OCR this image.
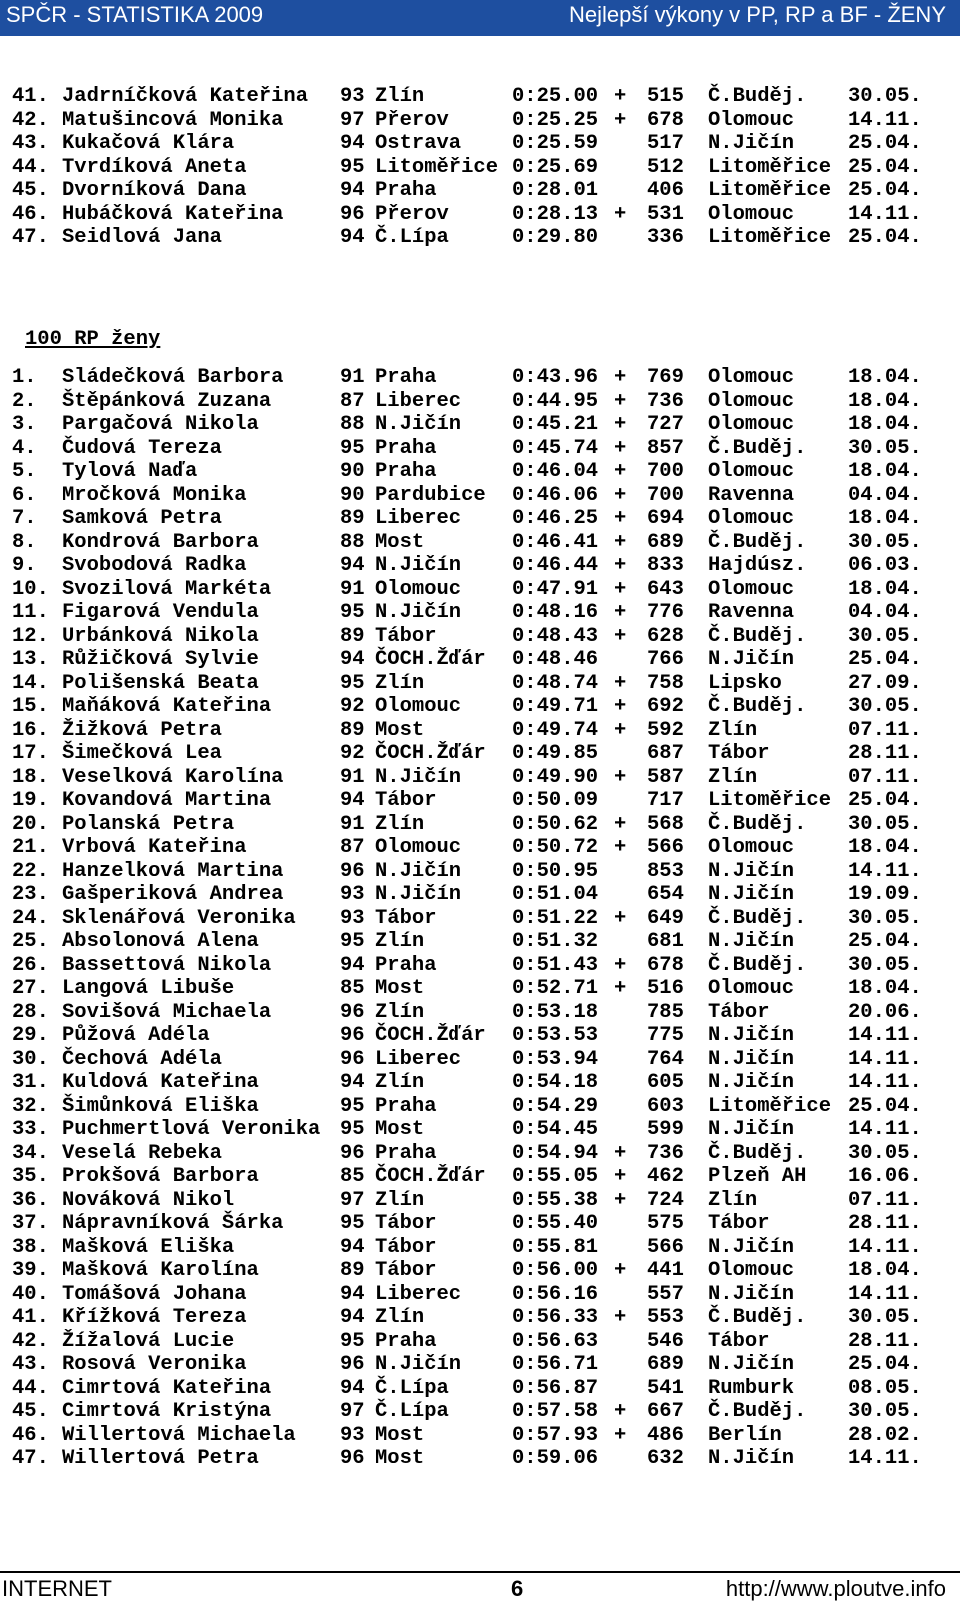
SPČR - STATISTIKA 2009	Nejlepší výkony v PP, RP a BF - ŽENY
41. Jadrníčková Kateřina 93 Zlín	0:25.00 + 515 Č.Buděj. 30.05.
42. Matušincová Monika	97 Přerov	0:25.25 + 678 Olomouc	14.11.
43. Kukačová Klára	94 Ostrava 0:25.59 517 N.Jičín	25.04.
44. Tvrdíková Aneta	95 Litoměřice 0:25.69 512 Litoměřice 25.04.
45. Dvorníková Dana	94 Praha	0:28.01 406 Litoměřice 25.04.
46. Hubáčková Kateřina	96 Přerov	0:28.13 + 531 Olomouc	14.11.
47. Seidlová Jana	94 Č.Lípa	0:29.80 336 Litoměřice 25.04.
100 RP ženy
1. Sládečková Barbora	91 Praha	0:43.96 + 769 Olomouc	18.04.
2. Štěpánková Zuzana	87 Liberec 0:44.95 + 736 Olomouc	18.04.
3. Pargačová Nikola	88 N.Jičín 0:45.21 + 727 Olomouc	18.04.
4. Čudová Tereza	95 Praha	0:45.74 + 857 Č.Buděj. 30.05.
5. Tylová Naďa	90 Praha	0:46.04 + 700 Olomouc	18.04.
6. Mročková Monika	90 Pardubice 0:46.06 + 700 Ravenna	04.04.
7. Samková Petra	89 Liberec 0:46.25 + 694 Olomouc	18.04.
8. Kondrová Barbora	88 Most	0:46.41 + 689 Č.Buděj. 30.05.
9. Svobodová Radka	94 N.Jičín 0:46.44 + 833 Hajdúsz. 06.03.
10. Svozilová Markéta	91 Olomouc 0:47.91 + 643 Olomouc	18.04.
11. Figarová Vendula	95 N.Jičín 0:48.16 + 776 Ravenna	04.04.
12. Urbánková Nikola	89 Tábor	0:48.43 + 628 Č.Buděj. 30.05.
13. Růžičková Sylvie	94 ČOCH.Žďár 0:48.46 766 N.Jičín	25.04.
14. Polišenská Beata	95 Zlín	0:48.74 + 758 Lipsko	27.09.
15. Maňáková Kateřina	92 Olomouc 0:49.71 + 692 Č.Buděj. 30.05.
16. Žižková Petra	89 Most	0:49.74 + 592 Zlín	07.11.
17. Šimečková Lea	92 ČOCH.Žďár 0:49.85 687 Tábor	28.11.
18. Veselková Karolína	91 N.Jičín 0:49.90 + 587 Zlín	07.11.
19. Kovandová Martina	94 Tábor	0:50.09 717 Litoměřice 25.04.
20. Polanská Petra	91 Zlín	0:50.62 + 568 Č.Buděj. 30.05.
21. Vrbová Kateřina	87 Olomouc 0:50.72 + 566 Olomouc	18.04.
22. Hanzelková Martina	96 N.Jičín 0:50.95 853 N.Jičín	14.11.
23. Gašperiková Andrea	93 N.Jičín 0:51.04 654 N.Jičín	19.09.
24. Sklenářová Veronika 93 Tábor	0:51.22 + 649 Č.Buděj. 30.05.
25. Absolonová Alena	95 Zlín	0:51.32 681 N.Jičín	25.04.
26. Bassettová Nikola	94 Praha	0:51.43 + 678 Č.Buděj. 30.05.
27. Langová Libuše	85 Most	0:52.71 + 516 Olomouc	18.04.
28. Sovišová Michaela	96 Zlín	0:53.18 785 Tábor	20.06.
29. Půžová Adéla	96 ČOCH.Žďár 0:53.53 775 N.Jičín	14.11.
30. Čechová Adéla	96 Liberec 0:53.94 764 N.Jičín	14.11.
31. Kuldová Kateřina	94 Zlín	0:54.18 605 N.Jičín	14.11.
32. Šimůnková Eliška	95 Praha	0:54.29 603 Litoměřice 25.04.
33. Puchmertlová Veronika 95 Most	0:54.45 599 N.Jičín	14.11.
34. Veselá Rebeka	96 Praha	0:54.94 + 736 Č.Buděj. 30.05.
35. Prokšová Barbora	85 ČOCH.Žďár 0:55.05 + 462 Plzeň AH 16.06.
36. Nováková Nikol	97 Zlín	0:55.38 + 724 Zlín	07.11.
37. Nápravníková Šárka	95 Tábor	0:55.40 575 Tábor	28.11.
38. Mašková Eliška	94 Tábor	0:55.81 566 N.Jičín	14.11.
39. Mašková Karolína	89 Tábor	0:56.00 + 441 Olomouc	18.04.
40. Tomášová Johana	94 Liberec 0:56.16 557 N.Jičín	14.11.
41. Křížková Tereza	94 Zlín	0:56.33 + 553 Č.Buděj. 30.05.
42. Žížalová Lucie	95 Praha	0:56.63 546 Tábor	28.11.
43. Rosová Veronika	96 N.Jičín 0:56.71 689 N.Jičín	25.04.
44. Cimrtová Kateřina	94 Č.Lípa	0:56.87 541 Rumburk	08.05.
45. Cimrtová Kristýna	97 Č.Lípa	0:57.58 + 667 Č.Buděj. 30.05.
46. Willertová Michaela 93 Most	0:57.93 + 486 Berlín	28.02.
47. Willertová Petra	96 Most	0:59.06 632 N.Jičín	14.11.
INTERNET	6	http://www.ploutve.info
